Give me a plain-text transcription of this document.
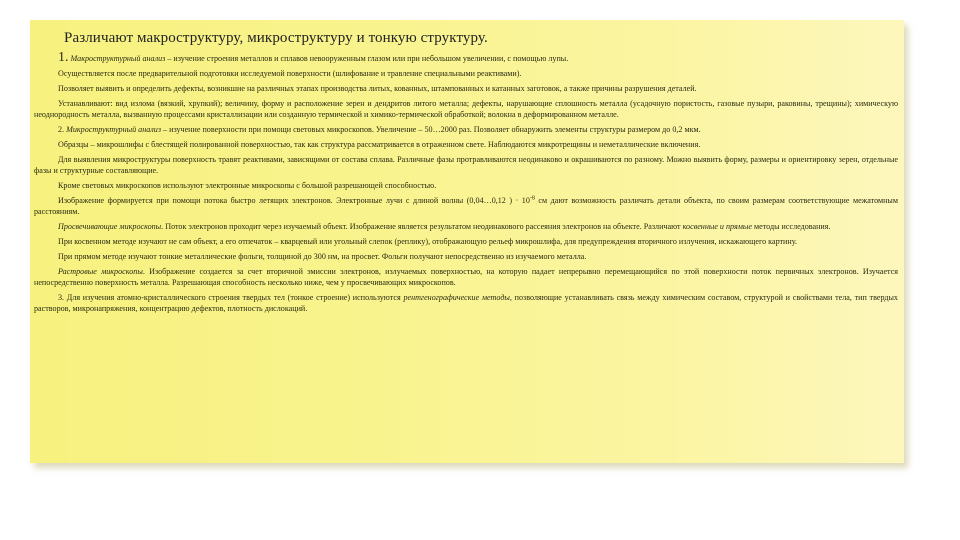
Различают макроструктуру, микроструктуру и тонкую структуру.

1. Макроструктурный анализ – изучение строения металлов и сплавов невооруженным глазом или при небольшом увеличении, с помощью лупы.

Осуществляется после предварительной подготовки исследуемой поверхности (шлифование и травление специальными реактивами).

Позволяет выявить и определить дефекты, возникшие на различных этапах производства литых, кованных, штампованных и катанных заготовок, а также причины разрушения деталей.

Устанавливают: вид излома (вязкий, хрупкий); величину, форму и расположение зерен и дендритов литого металла; дефекты, нарушающие сплошность металла (усадочную пористость, газовые пузыри, раковины, трещины); химическую неоднородность металла, вызванную процессами кристаллизации или созданную термической и химико-термической обработкой; волокна в деформированном металле.

2. Микроструктурный анализ – изучение поверхности при помощи световых микроскопов. Увеличение – 50…2000 раз. Позволяет обнаружить элементы структуры размером до 0,2 мкм.

Образцы – микрошлифы с блестящей полированной поверхностью, так как структура рассматривается в отраженном свете. Наблюдаются микротрещины и неметаллические включения.

Для выявления микроструктуры поверхность травят реактивами, зависящими от состава сплава. Различные фазы протравливаются неодинаково и окрашиваются по разному. Можно выявить форму, размеры и ориентировку зерен, отдельные фазы и структурные составляющие.

Кроме световых микроскопов используют электронные микроскопы с большой разрешающей способностью.

Изображение формируется при помощи потока быстро летящих электронов. Электронные лучи с длиной волны (0,04…0,12 ) · $10^{-8}$ см дают возможность различать детали объекта, по своим размерам соответствующие межатомным расстояниям.

Просвечивающие микроскопы. Поток электронов проходит через изучаемый объект. Изображение является результатом неодинакового рассеяния электронов на объекте. Различают косвенные и прямые методы исследования.

При косвенном методе изучают не сам объект, а его отпечаток – кварцевый или угольный слепок (реплику), отображающую рельеф микрошлифа, для предупреждения вторичного излучения, искажающего картину.

При прямом методе изучают тонкие металлические фольги, толщиной до 300 нм, на просвет. Фольги получают непосредственно из изучаемого металла.

Растровые микроскопы. Изображение создается за счет вторичной эмиссии электронов, излучаемых поверхностью, на которую падает непрерывно перемещающийся по этой поверхности поток первичных электронов. Изучается непосредственно поверхность металла. Разрешающая способность несколько ниже, чем у просвечивающих микроскопов.

3. Для изучения атомно-кристаллического строения твердых тел (тонкое строение) используются рентгенографические методы, позволяющие устанавливать связь между химическим составом, структурой и свойствами тела, тип твердых растворов, микронапряжения, концентрацию дефектов, плотность дислокаций.
